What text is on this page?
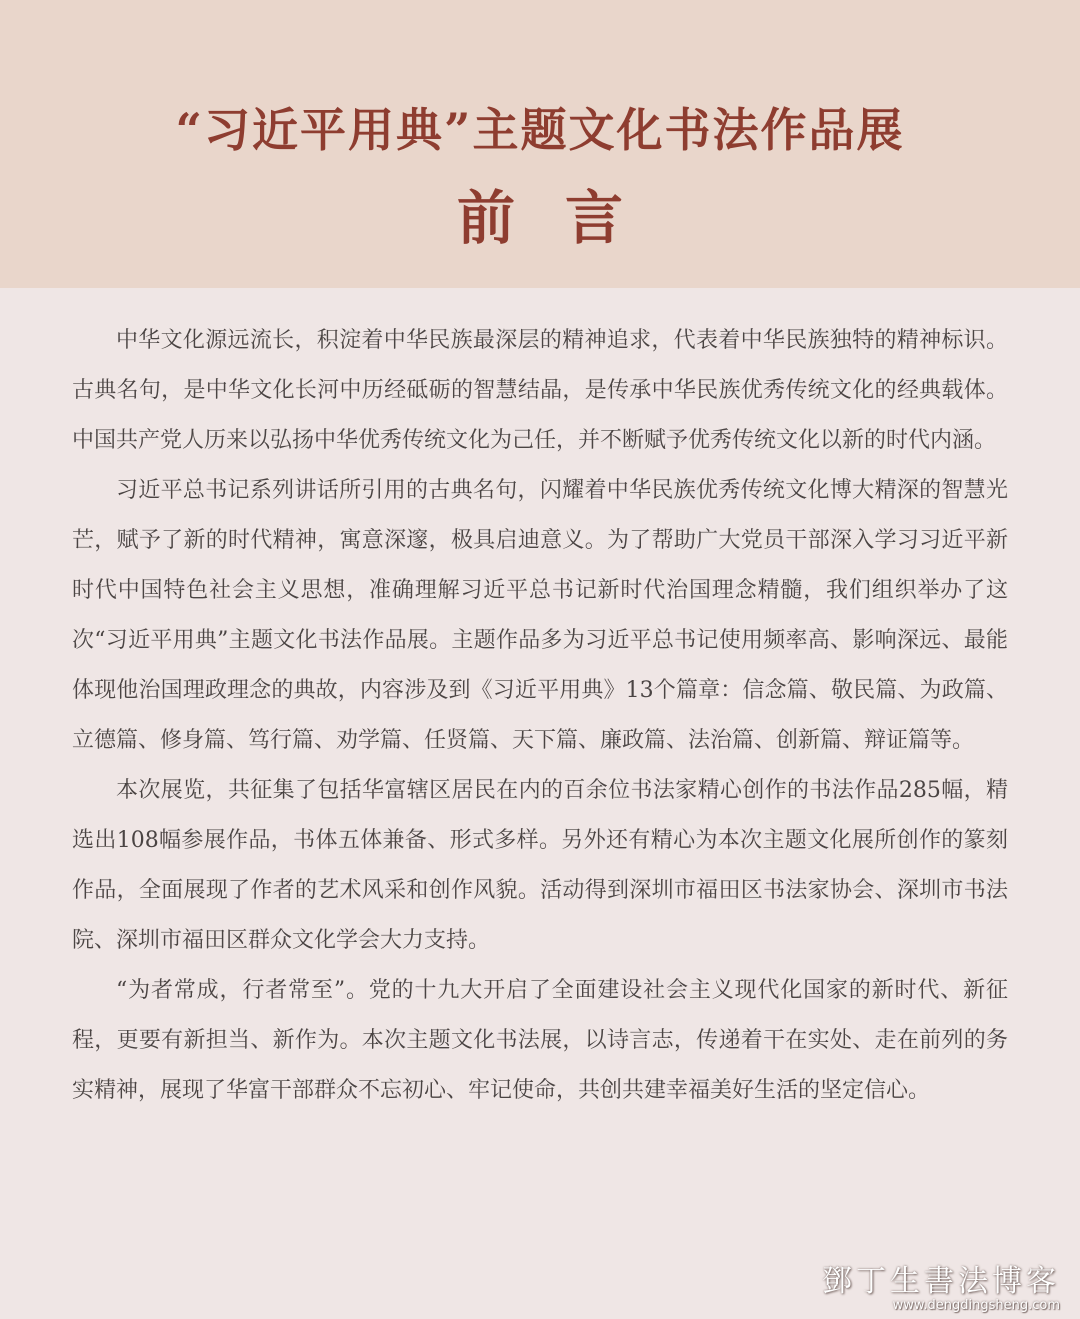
“习近平用典”主题文化书法作品展
前言

中华文化源远流长，积淀着中华民族最深层的精神追求，代表着中华民族独特的精神标识。古典名句，是中华文化长河中历经砥砺的智慧结晶，是传承中华民族优秀传统文化的经典载体。中国共产党人历来以弘扬中华优秀传统文化为己任，并不断赋予优秀传统文化以新的时代内涵。

习近平总书记系列讲话所引用的古典名句，闪耀着中华民族优秀传统文化博大精深的智慧光芒，赋予了新的时代精神，寓意深邃，极具启迪意义。为了帮助广大党员干部深入学习习近平新时代中国特色社会主义思想，准确理解习近平总书记新时代治国理念精髓，我们组织举办了这次“习近平用典”主题文化书法作品展。主题作品多为习近平总书记使用频率高、影响深远、最能体现他治国理政理念的典故，内容涉及到《习近平用典》13个篇章：信念篇、敬民篇、为政篇、立德篇、修身篇、笃行篇、劝学篇、任贤篇、天下篇、廉政篇、法治篇、创新篇、辩证篇等。

本次展览，共征集了包括华富辖区居民在内的百余位书法家精心创作的书法作品285幅，精选出108幅参展作品，书体五体兼备、形式多样。另外还有精心为本次主题文化展所创作的篆刻作品，全面展现了作者的艺术风采和创作风貌。活动得到深圳市福田区书法家协会、深圳市书法院、深圳市福田区群众文化学会大力支持。

“为者常成，行者常至”。党的十九大开启了全面建设社会主义现代化国家的新时代、新征程，更要有新担当、新作为。本次主题文化书法展，以诗言志，传递着干在实处、走在前列的务实精神，展现了华富干部群众不忘初心、牢记使命，共创共建幸福美好生活的坚定信心。

鄧丁生書法博客
www.dengdingsheng.com
